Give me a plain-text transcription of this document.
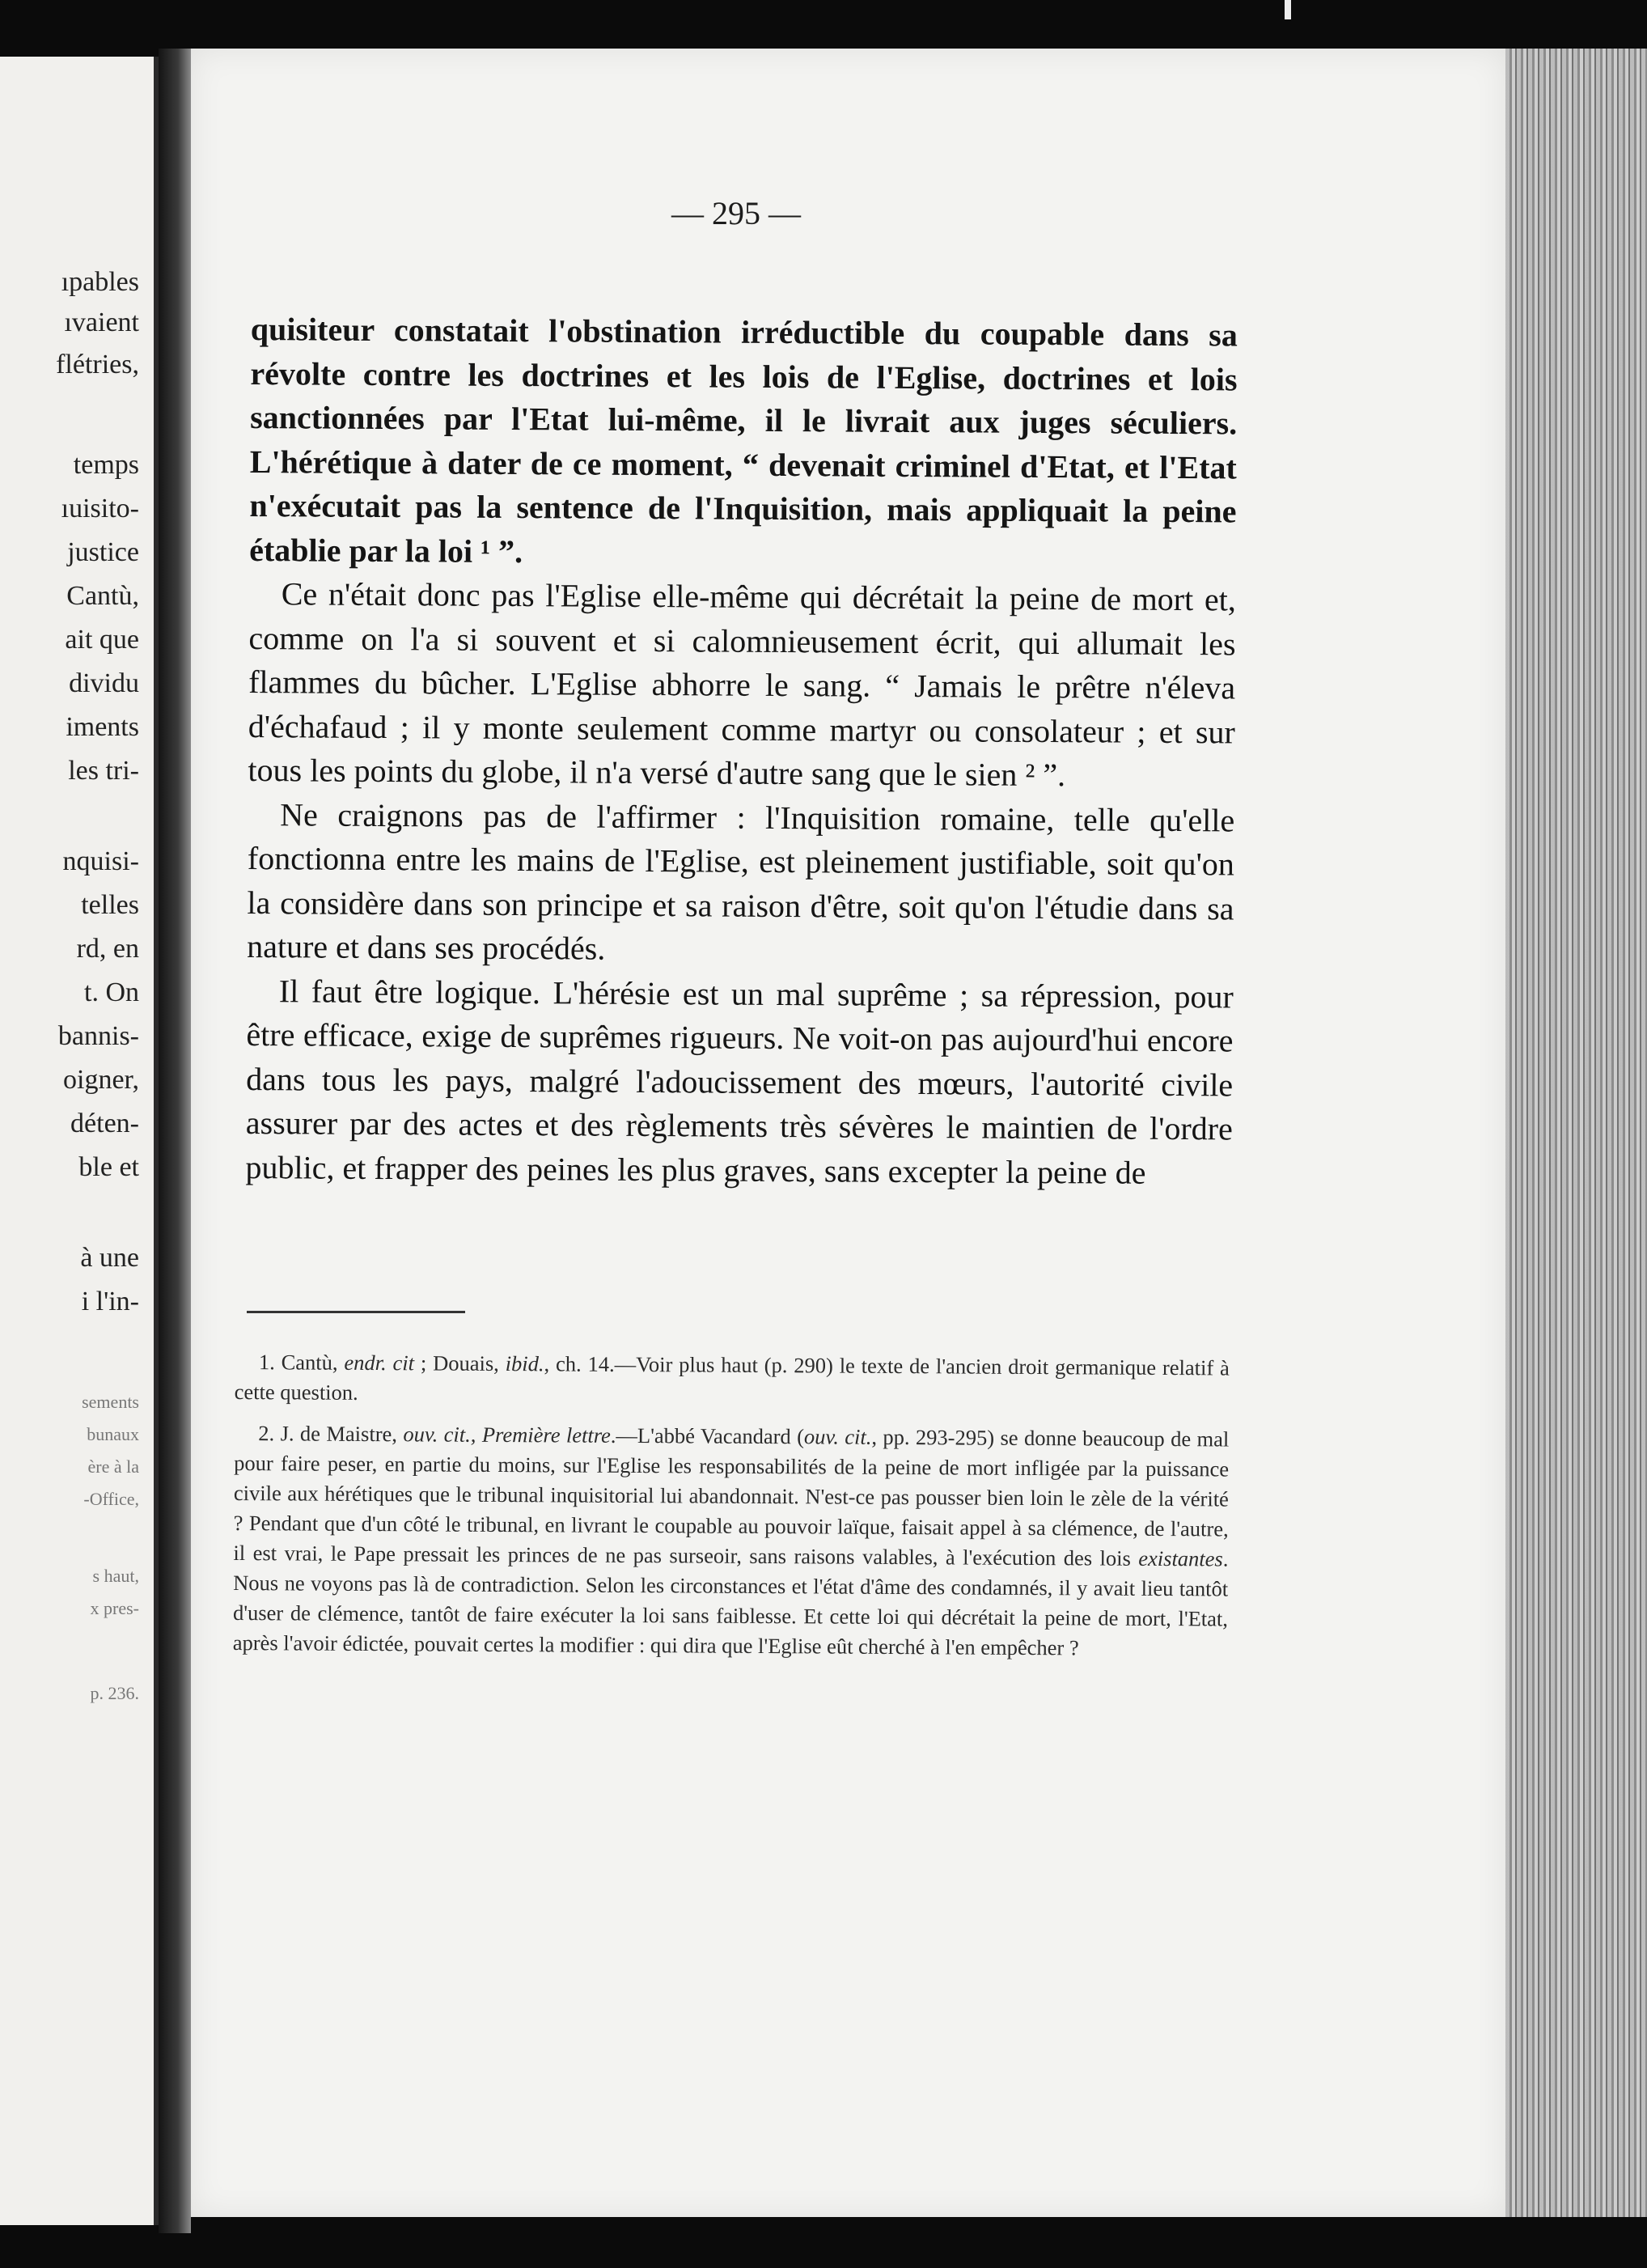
ıpables
ıvaient
flétries,
temps
ıuisito-
justice
Cantù,
ait que
dividu
iments
les tri-
nquisi-
telles
rd, en
t. On
bannis-
oigner,
déten-
ble et
à une
i l'in-
sements
bunaux
ère à la
-Office,
s haut,
x pres-
p. 236.
— 295 —

quisiteur constatait l'obstination irréductible du coupable dans sa révolte contre les doctrines et les lois de l'Eglise, doctrines et lois sanctionnées par l'Etat lui-même, il le livrait aux juges séculiers. L'hérétique à dater de ce moment, “ devenait criminel d'Etat, et l'Etat n'exécutait pas la sentence de l'Inquisition, mais appliquait la peine établie par la loi ¹ ”.

Ce n'était donc pas l'Eglise elle-même qui décrétait la peine de mort et, comme on l'a si souvent et si calomnieusement écrit, qui allumait les flammes du bûcher. L'Eglise abhorre le sang. “ Jamais le prêtre n'éleva d'échafaud ; il y monte seulement comme martyr ou consolateur ; et sur tous les points du globe, il n'a versé d'autre sang que le sien ² ”.

Ne craignons pas de l'affirmer : l'Inquisition romaine, telle qu'elle fonctionna entre les mains de l'Eglise, est pleinement justifiable, soit qu'on la considère dans son principe et sa raison d'être, soit qu'on l'étudie dans sa nature et dans ses procédés.

Il faut être logique. L'hérésie est un mal suprême ; sa répression, pour être efficace, exige de suprêmes rigueurs. Ne voit-on pas aujourd'hui encore dans tous les pays, malgré l'adoucissement des mœurs, l'autorité civile assurer par des actes et des règlements très sévères le maintien de l'ordre public, et frapper des peines les plus graves, sans excepter la peine de

1. Cantù, endr. cit ; Douais, ibid., ch. 14.—Voir plus haut (p. 290) le texte de l'ancien droit germanique relatif à cette question.

2. J. de Maistre, ouv. cit., Première lettre.—L'abbé Vacandard (ouv. cit., pp. 293-295) se donne beaucoup de mal pour faire peser, en partie du moins, sur l'Eglise les responsabilités de la peine de mort infligée par la puissance civile aux hérétiques que le tribunal inquisitorial lui abandonnait. N'est-ce pas pousser bien loin le zèle de la vérité ? Pendant que d'un côté le tribunal, en livrant le coupable au pouvoir laïque, faisait appel à sa clémence, de l'autre, il est vrai, le Pape pressait les princes de ne pas surseoir, sans raisons valables, à l'exécution des lois existantes. Nous ne voyons pas là de contradiction. Selon les circonstances et l'état d'âme des condamnés, il y avait lieu tantôt d'user de clémence, tantôt de faire exécuter la loi sans faiblesse. Et cette loi qui décrétait la peine de mort, l'Etat, après l'avoir édictée, pouvait certes la modifier : qui dira que l'Eglise eût cherché à l'en empêcher ?
